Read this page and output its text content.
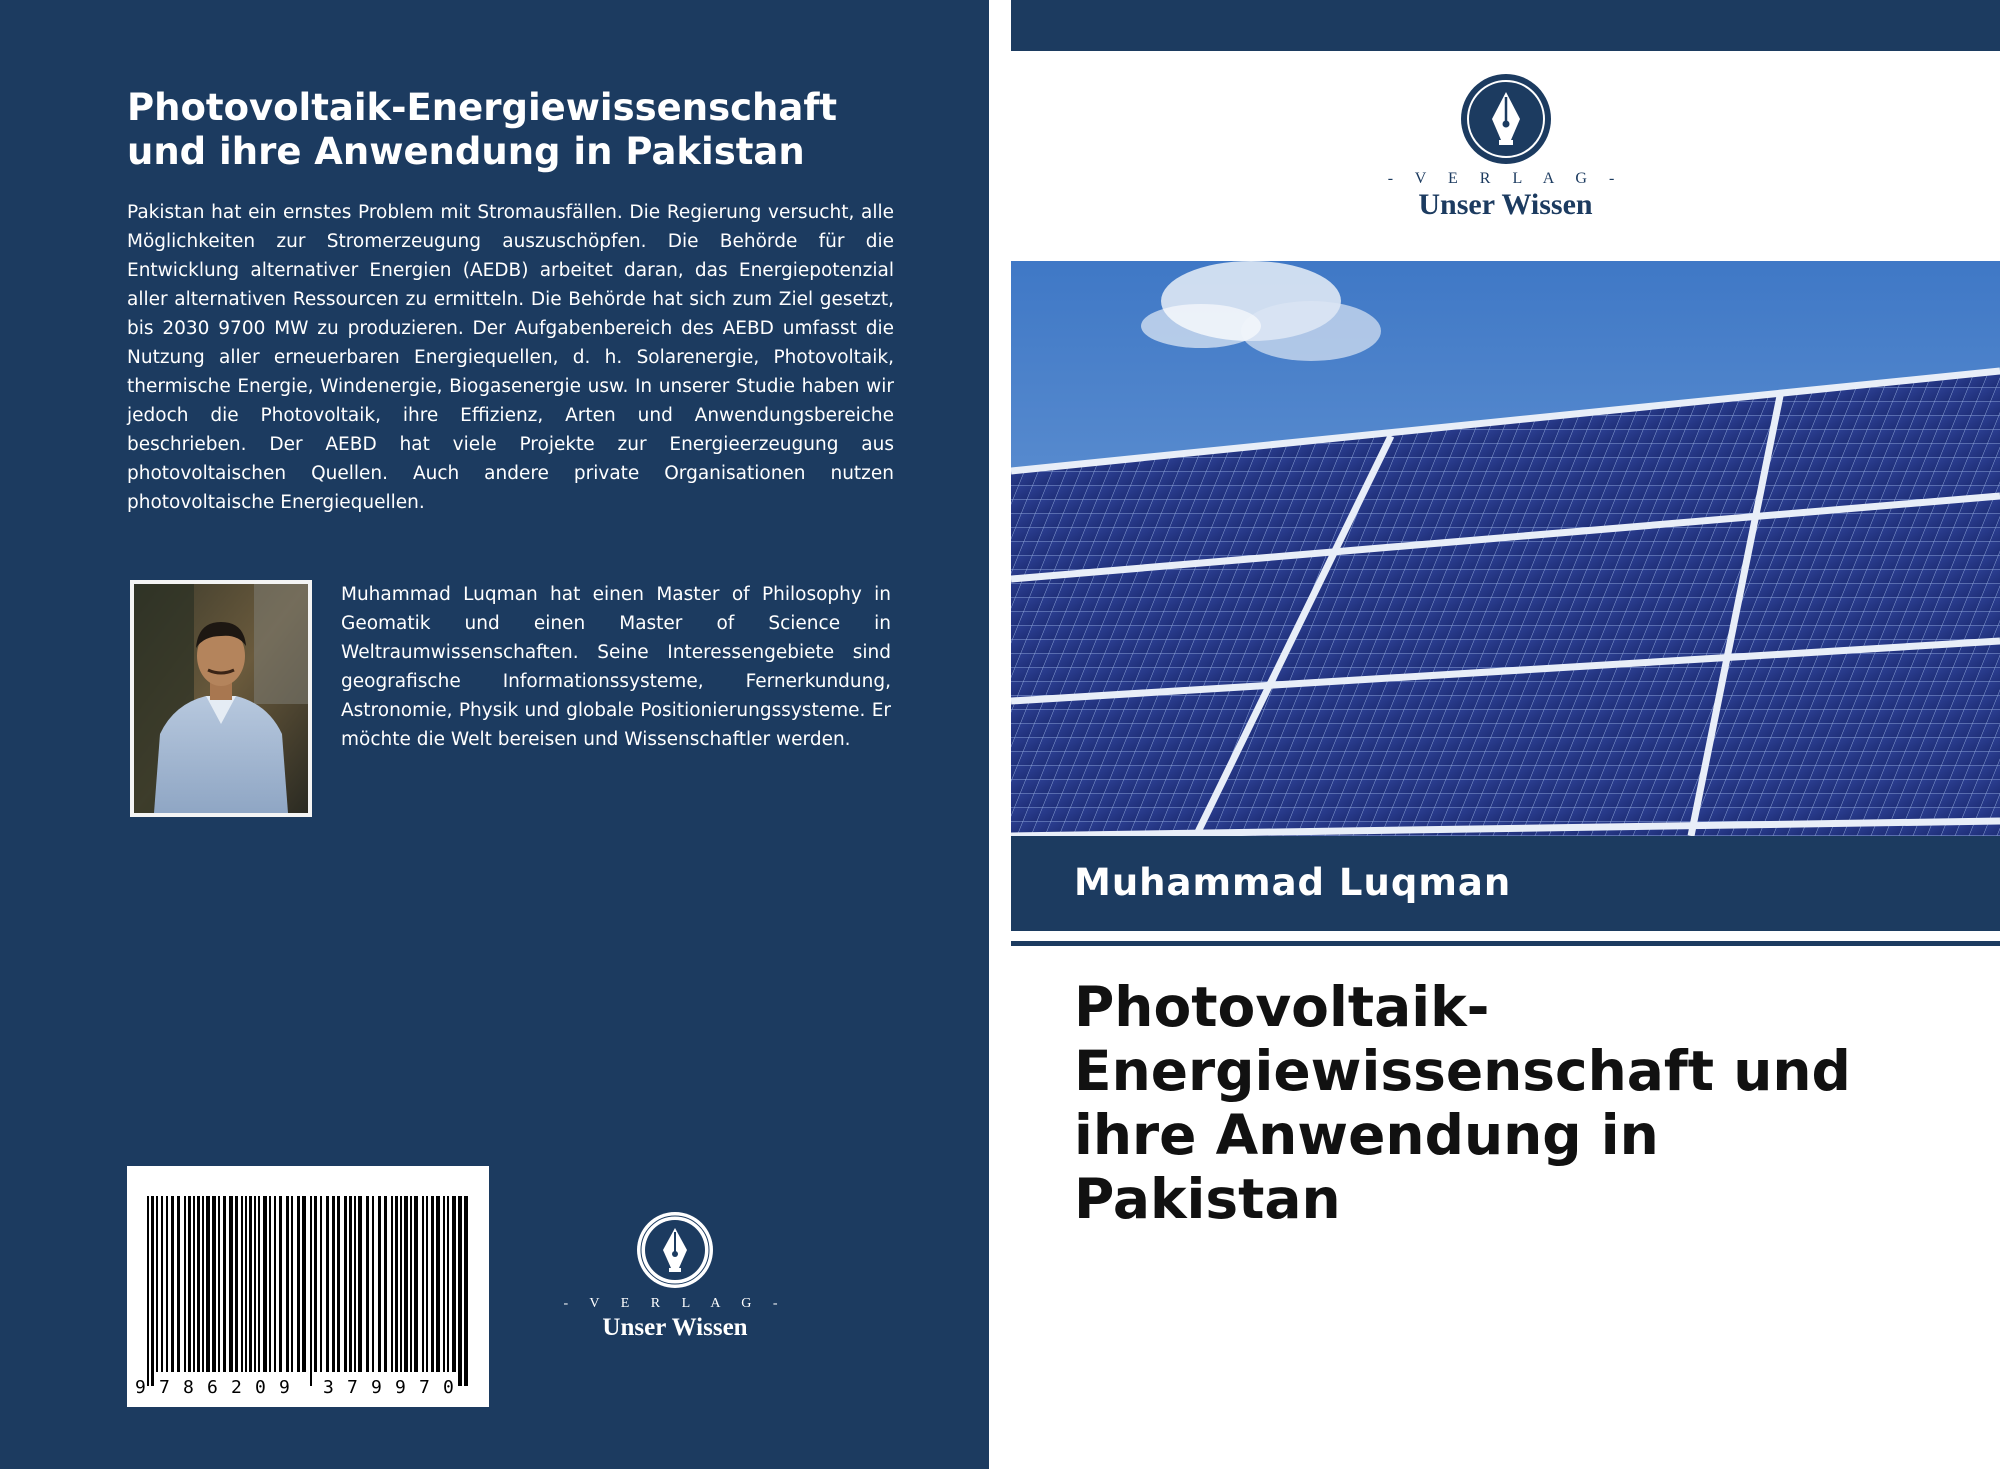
Photovoltaik-Energiewissenschaft
und ihre Anwendung in Pakistan

Pakistan hat ein ernstes Problem mit Stromausfällen. Die Regierung versucht, alle Möglichkeiten zur Stromerzeugung auszuschöpfen. Die Behörde für die Entwicklung alternativer Energien (AEDB) arbeitet daran, das Energiepotenzial aller alternativen Ressourcen zu ermitteln. Die Behörde hat sich zum Ziel gesetzt, bis 2030 9700 MW zu produzieren. Der Aufgabenbereich des AEBD umfasst die Nutzung aller erneuerbaren Energiequellen, d. h. Solarenergie, Photovoltaik, thermische Energie, Windenergie, Biogasenergie usw. In unserer Studie haben wir jedoch die Photovoltaik, ihre Effizienz, Arten und Anwendungsbereiche beschrieben. Der AEBD hat viele Projekte zur Energieerzeugung aus photovoltaischen Quellen. Auch andere private Organisationen nutzen photovoltaische Energiequellen.

Muhammad Luqman hat einen Master of Philosophy in Geomatik und einen Master of Science in Weltraumwissenschaften. Seine Interessengebiete sind geografische Informationssysteme, Fernerkundung, Astronomie, Physik und globale Positionierungssysteme. Er möchte die Welt bereisen und Wissenschaftler werden.

9 7 8 6 2 0 9 3 7 9 9 7 0
- V E R L A G -
Unser Wissen
- V E R L A G -
Unser Wissen
Muhammad Luqman
Photovoltaik-
Energiewissenschaft und
ihre Anwendung in
Pakistan
